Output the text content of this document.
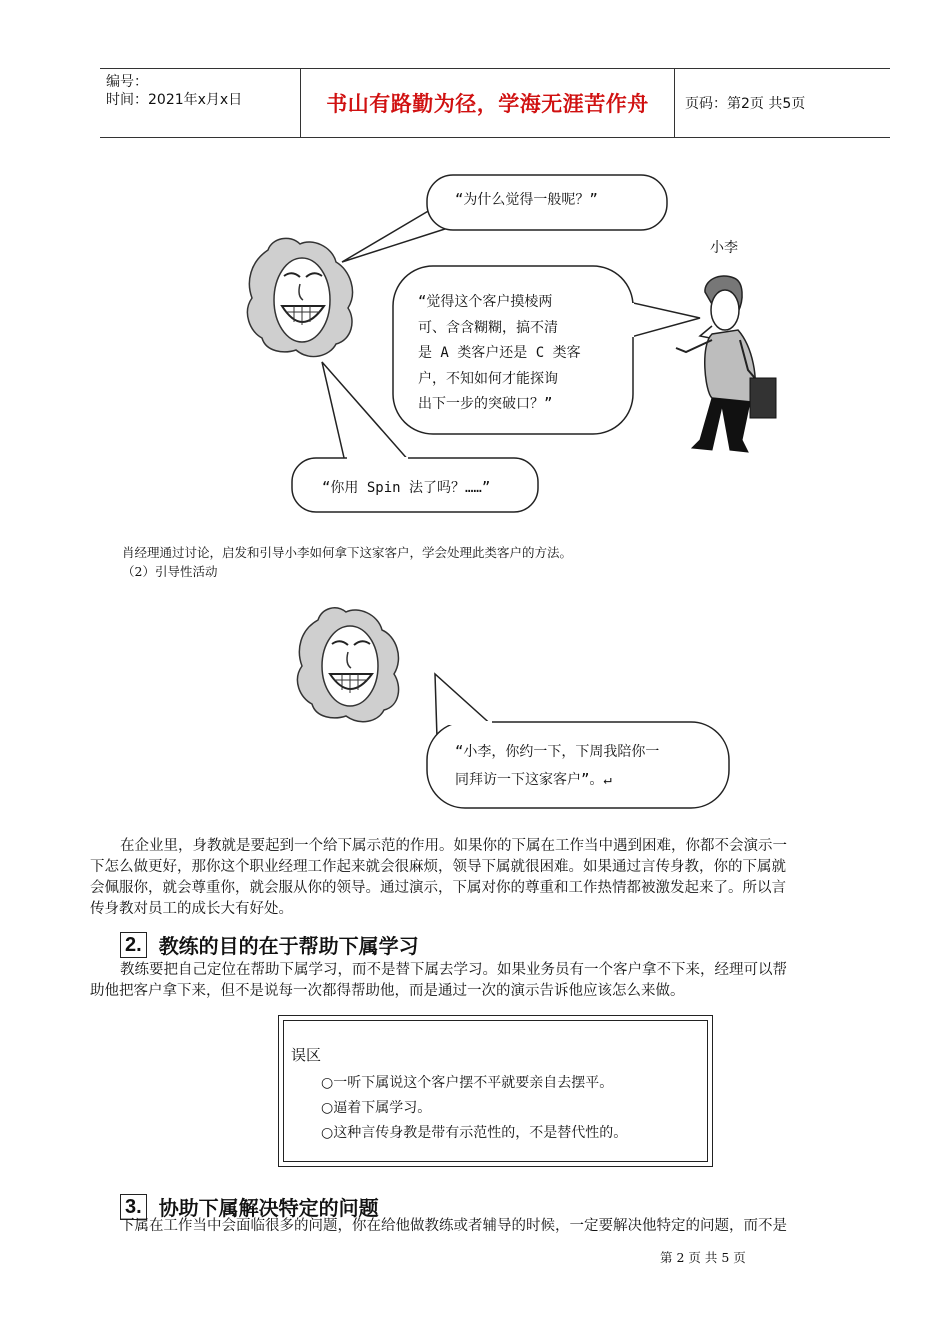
编号：
时间：2021年x月x日	书山有路勤为径，学海无涯苦作舟	页码：第2页 共5页
“为什么觉得一般呢？”
小李
“觉得这个客户摸棱两
可、含含糊糊，搞不清
是 A 类客户还是 C 类客
户，不知如何才能探询
出下一步的突破口？”
“你用 Spin 法了吗？……”
肖经理通过讨论，启发和引导小李如何拿下这家客户，学会处理此类客户的方法。
（2）引导性活动
“小李，你约一下，下周我陪你一
同拜访一下这家客户”。↵
在企业里，身教就是要起到一个给下属示范的作用。如果你的下属在工作当中遇到困难，你都不会演示一
下怎么做更好，那你这个职业经理工作起来就会很麻烦，领导下属就很困难。如果通过言传身教，你的下属就
会佩服你，就会尊重你，就会服从你的领导。通过演示，下属对你的尊重和工作热情都被激发起来了。所以言
传身教对员工的成长大有好处。
2. 教练的目的在于帮助下属学习
教练要把自己定位在帮助下属学习，而不是替下属去学习。如果业务员有一个客户拿不下来，经理可以帮
助他把客户拿下来，但不是说每一次都得帮助他，而是通过一次的演示告诉他应该怎么来做。
误区
○一听下属说这个客户摆不平就要亲自去摆平。
○逼着下属学习。
○这种言传身教是带有示范性的，不是替代性的。
3. 协助下属解决特定的问题
下属在工作当中会面临很多的问题，你在给他做教练或者辅导的时候，一定要解决他特定的问题，而不是
第 2 页 共 5 页
